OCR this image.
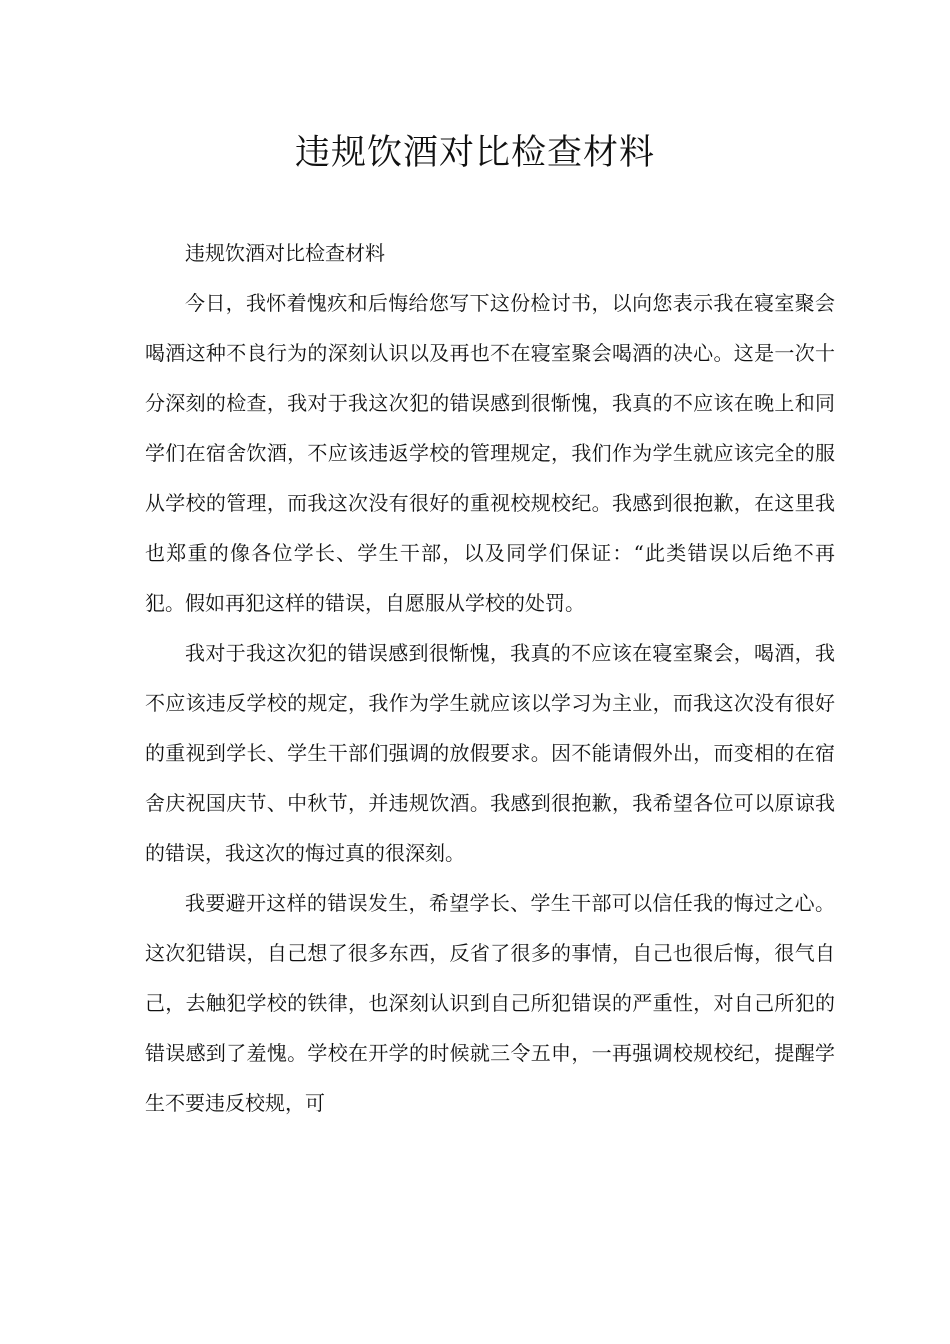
违规饮酒对比检查材料

违规饮酒对比检查材料

今日，我怀着愧疚和后悔给您写下这份检讨书，以向您表示我在寝室聚会喝酒这种不良行为的深刻认识以及再也不在寝室聚会喝酒的决心。这是一次十分深刻的检查，我对于我这次犯的错误感到很惭愧，我真的不应该在晚上和同学们在宿舍饮酒，不应该违返学校的管理规定，我们作为学生就应该完全的服从学校的管理，而我这次没有很好的重视校规校纪。我感到很抱歉，在这里我也郑重的像各位学长、学生干部，以及同学们保证：“此类错误以后绝不再犯。假如再犯这样的错误，自愿服从学校的处罚。

我对于我这次犯的错误感到很惭愧，我真的不应该在寝室聚会，喝酒，我不应该违反学校的规定，我作为学生就应该以学习为主业，而我这次没有很好的重视到学长、学生干部们强调的放假要求。因不能请假外出，而变相的在宿舍庆祝国庆节、中秋节，并违规饮酒。我感到很抱歉，我希望各位可以原谅我的错误，我这次的悔过真的很深刻。

我要避开这样的错误发生，希望学长、学生干部可以信任我的悔过之心。这次犯错误，自己想了很多东西，反省了很多的事情，自己也很后悔，很气自己，去触犯学校的铁律，也深刻认识到自己所犯错误的严重性，对自己所犯的错误感到了羞愧。学校在开学的时候就三令五申，一再强调校规校纪，提醒学生不要违反校规，可
